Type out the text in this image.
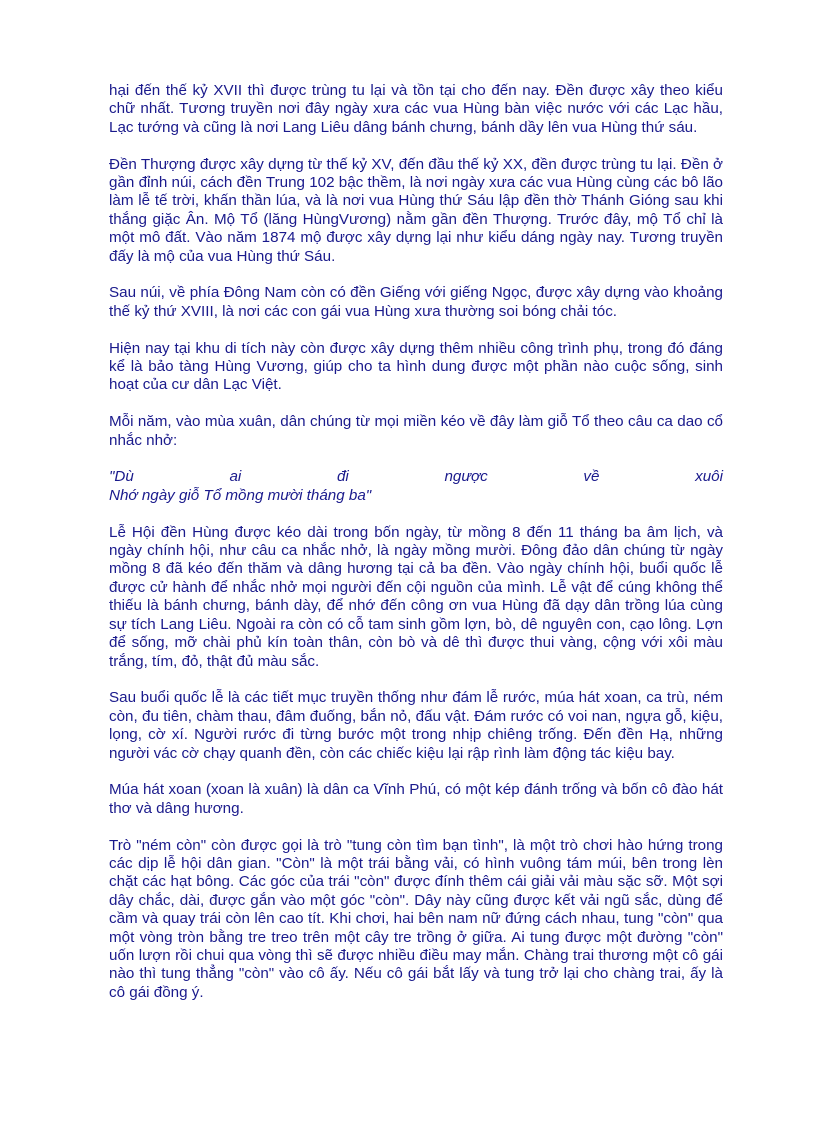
hại đến thế kỷ XVII thì được trùng tu lại và tồn tại cho đến nay. Đền được xây theo kiểu chữ nhất. Tương truyền nơi đây ngày xưa các vua Hùng bàn việc nước với các Lạc hầu, Lạc tướng và cũng là nơi Lang Liêu dâng bánh chưng, bánh dầy lên vua Hùng thứ sáu.

Đền Thượng được xây dựng từ thế kỷ XV, đến đầu thế kỷ XX, đền được trùng tu lại. Đền ở gần đỉnh núi, cách đền Trung 102 bậc thềm, là nơi ngày xưa các vua Hùng cùng các bô lão làm lễ tế trời, khấn thần lúa, và là nơi vua Hùng thứ Sáu lập đền thờ Thánh Gióng sau khi thắng giặc Ân. Mộ Tổ (lăng HùngVương) nằm gần đền Thượng. Trước đây, mộ Tổ chỉ là một mô đất. Vào năm 1874 mộ được xây dựng lại như kiểu dáng ngày nay. Tương truyền đấy là mộ của vua Hùng thứ Sáu.

Sau núi, về phía Đông Nam còn có đền Giếng với giếng Ngọc, được xây dựng vào khoảng thế kỷ thứ XVIII, là nơi các con gái vua Hùng xưa thường soi bóng chải tóc.

Hiện nay tại khu di tích này còn được xây dựng thêm nhiều công trình phụ, trong đó đáng kể là bảo tàng Hùng Vương, giúp cho ta hình dung được một phần nào cuộc sống, sinh hoạt của cư dân Lạc Việt.

Mỗi năm, vào mùa xuân, dân chúng từ mọi miền kéo về đây làm giỗ Tổ theo câu ca dao cổ nhắc nhở:

"Dù	ai	đi	ngược	về	xuôi
Nhớ ngày giỗ Tổ mồng mười tháng ba"

Lễ Hội đền Hùng được kéo dài trong bốn ngày, từ mồng 8 đến 11 tháng ba âm lịch, và ngày chính hội, như câu ca nhắc nhở, là ngày mồng mười. Đông đảo dân chúng từ ngày mồng 8 đã kéo đến thăm và dâng hương tại cả ba đền. Vào ngày chính hội, buổi quốc lễ được cử hành để nhắc nhở mọi người đến cội nguồn của mình. Lễ vật để cúng không thể thiếu là bánh chưng, bánh dày, để nhớ đến công ơn vua Hùng đã dạy dân trồng lúa cùng sự tích Lang Liêu. Ngoài ra còn có cỗ tam sinh gồm lợn, bò, dê nguyên con, cạo lông. Lợn để sống, mỡ chài phủ kín toàn thân, còn bò và dê thì được thui vàng, cộng với xôi màu trắng, tím, đỏ, thật đủ màu sắc.

Sau buổi quốc lễ là các tiết mục truyền thống như đám lễ rước, múa hát xoan, ca trù, ném còn, đu tiên, chàm thau, đâm đuống, bắn nỏ, đấu vật. Đám rước có voi nan, ngựa gỗ, kiệu, lọng, cờ xí. Người rước đi từng bước một trong nhịp chiêng trống. Đến đền Hạ, những người vác cờ chạy quanh đền, còn các chiếc kiệu lại rập rình làm động tác kiệu bay.

Múa hát xoan (xoan là xuân) là dân ca Vĩnh Phú, có một kép đánh trống và bốn cô đào hát thơ và dâng hương.

Trò "ném còn" còn được gọi là trò "tung còn tìm bạn tình", là một trò chơi hào hứng trong các dịp lễ hội dân gian. "Còn" là một trái bằng vải, có hình vuông tám múi, bên trong lèn chặt các hạt bông. Các góc của trái "còn" được đính thêm cái giải vải màu sặc sỡ. Một sợi dây chắc, dài, được gắn vào một góc "còn". Dây này cũng được kết vải ngũ sắc, dùng để cầm và quay trái còn lên cao tít. Khi chơi, hai bên nam nữ đứng cách nhau, tung "còn" qua một vòng tròn bằng tre treo trên một cây tre trồng ở giữa. Ai tung được một đường "còn" uốn lượn rồi chui qua vòng thì sẽ được nhiều điều may mắn. Chàng trai thương một cô gái nào thì tung thẳng "còn" vào cô ấy. Nếu cô gái bắt lấy và tung trở lại cho chàng trai, ấy là cô gái đồng ý.
